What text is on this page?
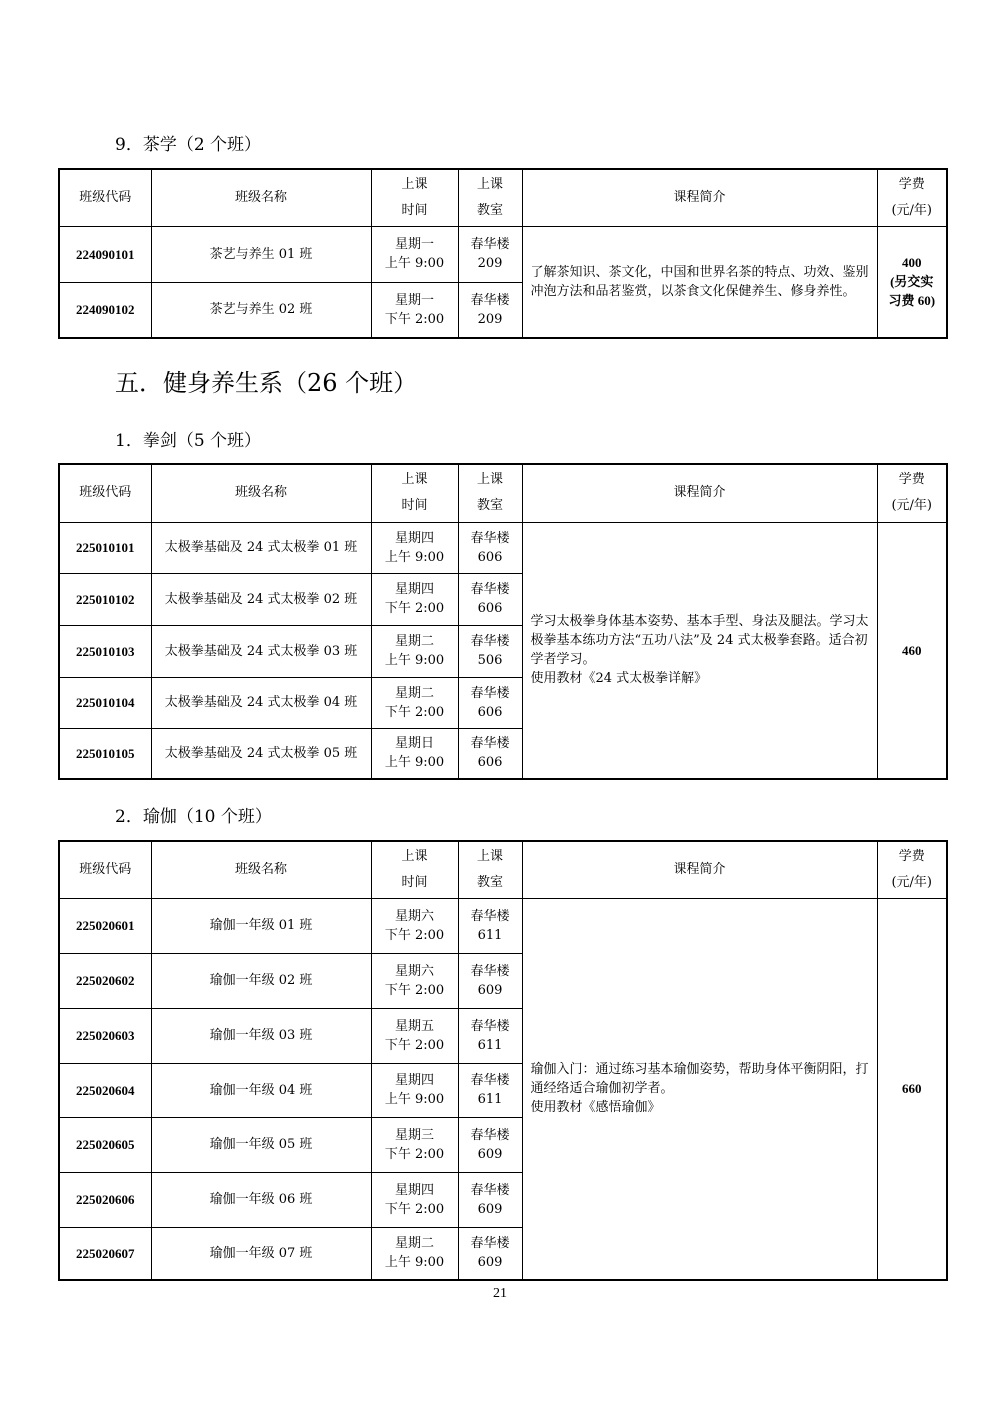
9．茶学（2 个班）
班级代码	班级名称	上课
时间	上课
教室	课程简介	学费
(元/年)

224090101	茶艺与养生 01 班	星期一
上午 9:00	春华楼
209	了解茶知识、茶文化，中国和世界名茶的特点、功效、鉴别冲泡方法和品茗鉴赏，以茶食文化保健养生、修身养性。	400
(另交实习费 60)

224090102	茶艺与养生 02 班	星期一
下午 2:00	春华楼
209		
五．健身养生系（26 个班）
1．拳剑（5 个班）
班级代码	班级名称	上课
时间	上课
教室	课程简介	学费
(元/年)

225010101	太极拳基础及 24 式太极拳 01 班	星期四
上午 9:00	春华楼
606	学习太极拳身体基本姿势、基本手型、身法及腿法。学习太极拳基本练功方法“五功八法”及 24 式太极拳套路。适合初学者学习。
使用教材《24 式太极拳详解》	460

225010102	太极拳基础及 24 式太极拳 02 班	星期四
下午 2:00	春华楼
606		

225010103	太极拳基础及 24 式太极拳 03 班	星期二
上午 9:00	春华楼
506		

225010104	太极拳基础及 24 式太极拳 04 班	星期二
下午 2:00	春华楼
606		

225010105	太极拳基础及 24 式太极拳 05 班	星期日
上午 9:00	春华楼
606		
2．瑜伽（10 个班）
班级代码	班级名称	上课
时间	上课
教室	课程简介	学费
(元/年)

225020601	瑜伽一年级 01 班	星期六
下午 2:00	春华楼
611	瑜伽入门：通过练习基本瑜伽姿势，帮助身体平衡阴阳，打通经络适合瑜伽初学者。
使用教材《感悟瑜伽》	660

225020602	瑜伽一年级 02 班	星期六
下午 2:00	春华楼
609		

225020603	瑜伽一年级 03 班	星期五
下午 2:00	春华楼
611		

225020604	瑜伽一年级 04 班	星期四
上午 9:00	春华楼
611		

225020605	瑜伽一年级 05 班	星期三
下午 2:00	春华楼
609		

225020606	瑜伽一年级 06 班	星期四
下午 2:00	春华楼
609		

225020607	瑜伽一年级 07 班	星期二
上午 9:00	春华楼
609		
21
